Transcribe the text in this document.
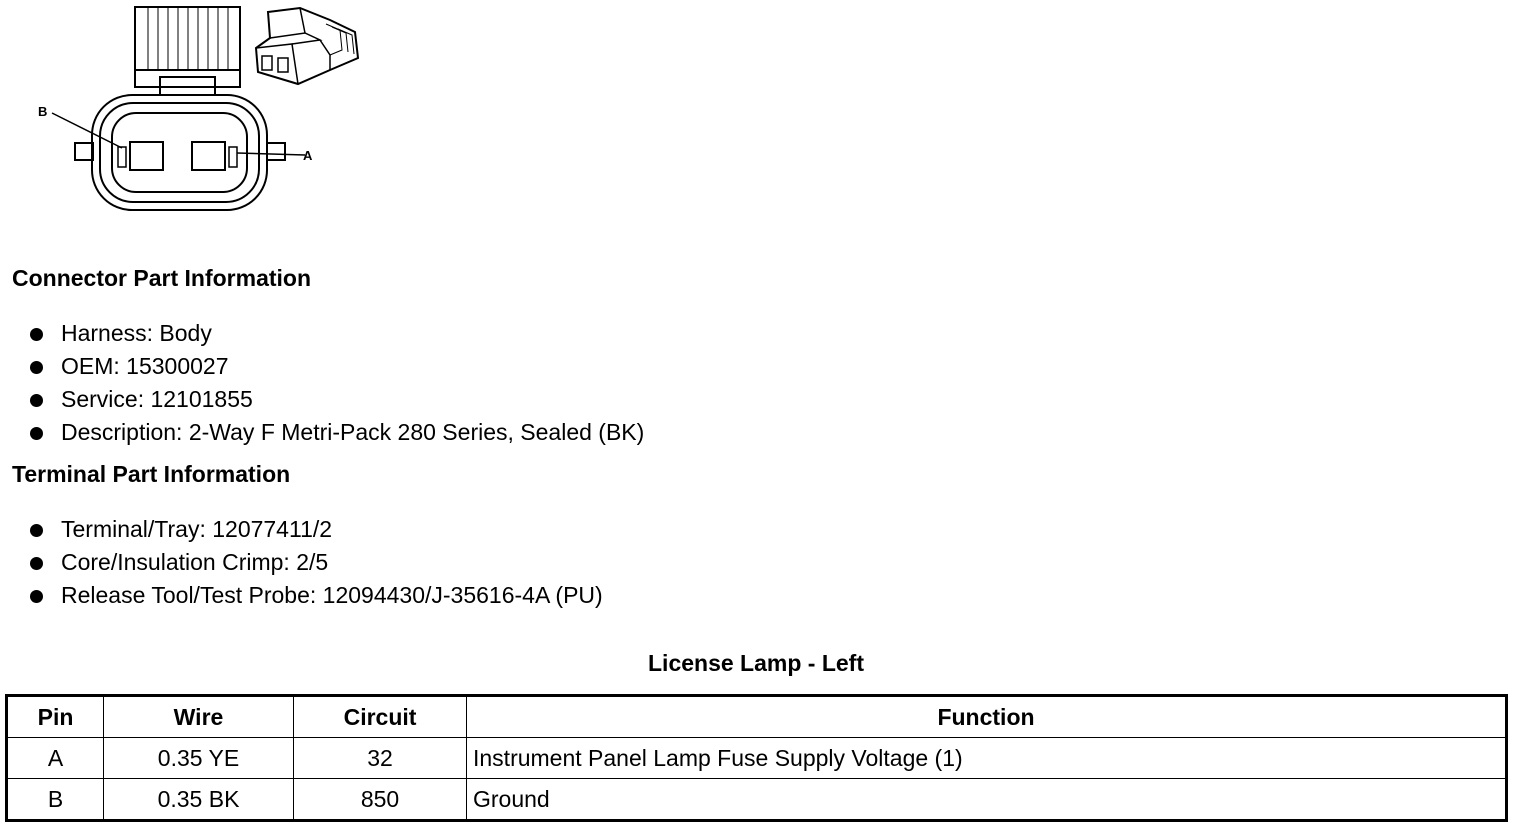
B
A
Connector Part Information
Harness: Body
OEM: 15300027
Service: 12101855
Description: 2-Way F Metri-Pack 280 Series, Sealed (BK)
Terminal Part Information
Terminal/Tray: 12077411/2
Core/Insulation Crimp: 2/5
Release Tool/Test Probe: 12094430/J-35616-4A (PU)
License Lamp - Left
Pin	Wire	Circuit	Function
A	0.35 YE	32	Instrument Panel Lamp Fuse Supply Voltage (1)
B	0.35 BK	850	Ground
